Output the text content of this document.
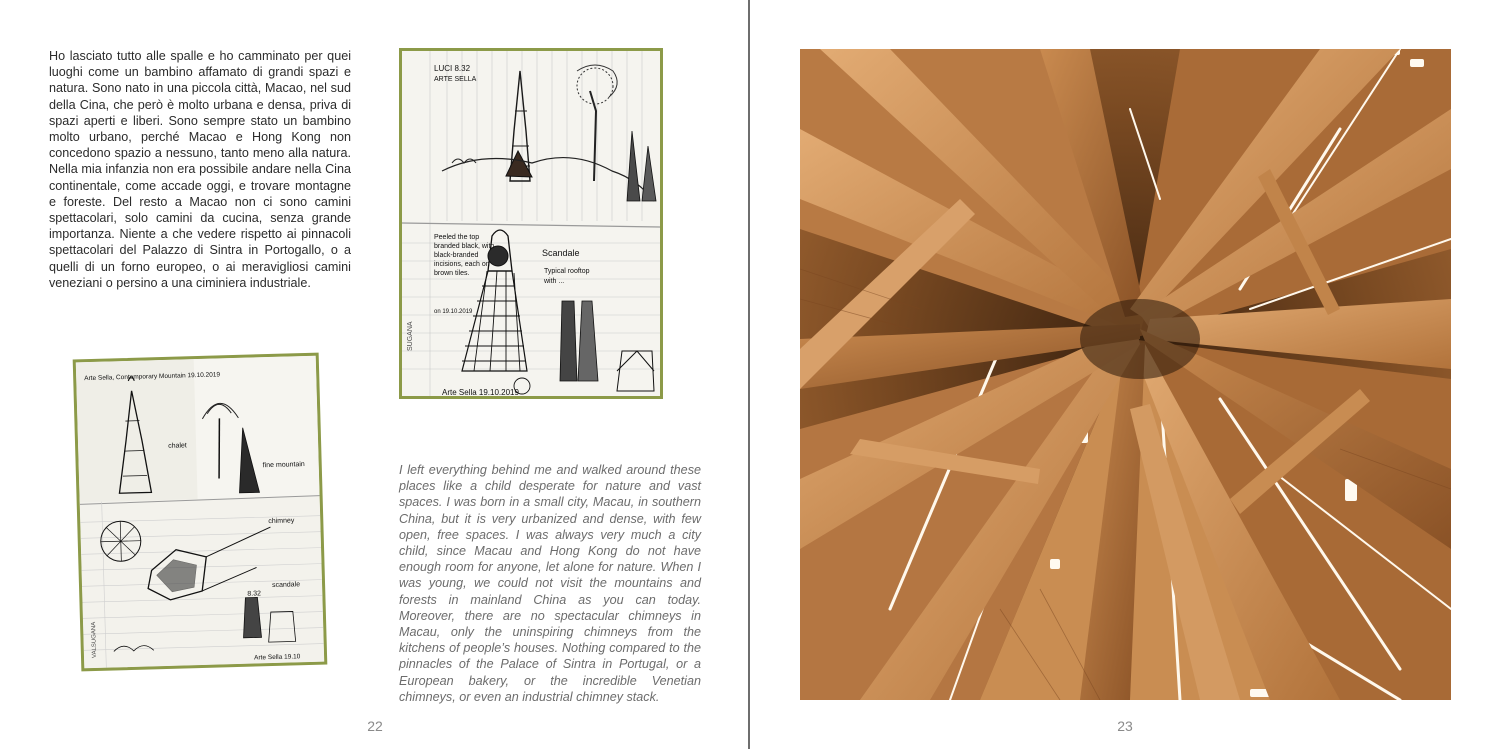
Ho lasciato tutto alle spalle e ho camminato per quei luoghi come un bambino affamato di grandi spazi e natura. Sono nato in una piccola città, Macao, nel sud della Cina, che però è molto urbana e densa, priva di spazi aperti e liberi. Sono sempre stato un bambino molto urbano, perché Macao e Hong Kong non concedono spazio a nessuno, tanto meno alla natura. Nella mia infanzia non era possibile andare nella Cina continentale, come accade oggi, e trovare montagne e foreste. Del resto a Macao non ci sono camini spettacolari, solo camini da cucina, senza grande importanza. Niente a che vedere rispetto ai pinnacoli spettacolari del Palazzo di Sintra in Portogallo, o a quelli di un forno europeo, o ai meravigliosi camini veneziani o persino a una ciminiera industriale.
LUCI 8.32
ARTE SELLA
Peeled the top
branded black, with
black-branded
incisions, each on
brown tiles.
Scandale
Typical rooftop
with ...
on 19.10.2019
Arte Sella 19.10.2019
SUGANA
Arte Sella, Contemporary Mountain 19.10.2019
fine mountain
chalet
chimney
scandale
8.32
Arte Sella 19.10
VALSUGANA
I left everything behind me and walked around these places like a child desperate for nature and vast spaces. I was born in a small city, Macau, in southern China, but it is very urbanized and dense, with few open, free spaces. I was always very much a city child, since Macau and Hong Kong do not have enough room for anyone, let alone for nature. When I was young, we could not visit the mountains and forests in mainland China as you can today. Moreover, there are no spectacular chimneys in Macau, only the uninspiring chimneys from the kitchens of people’s houses. Nothing compared to the pinnacles of the Palace of Sintra in Portugal, or a European bakery, or the incredible Venetian chimneys, or even an industrial chimney stack.
22	23
